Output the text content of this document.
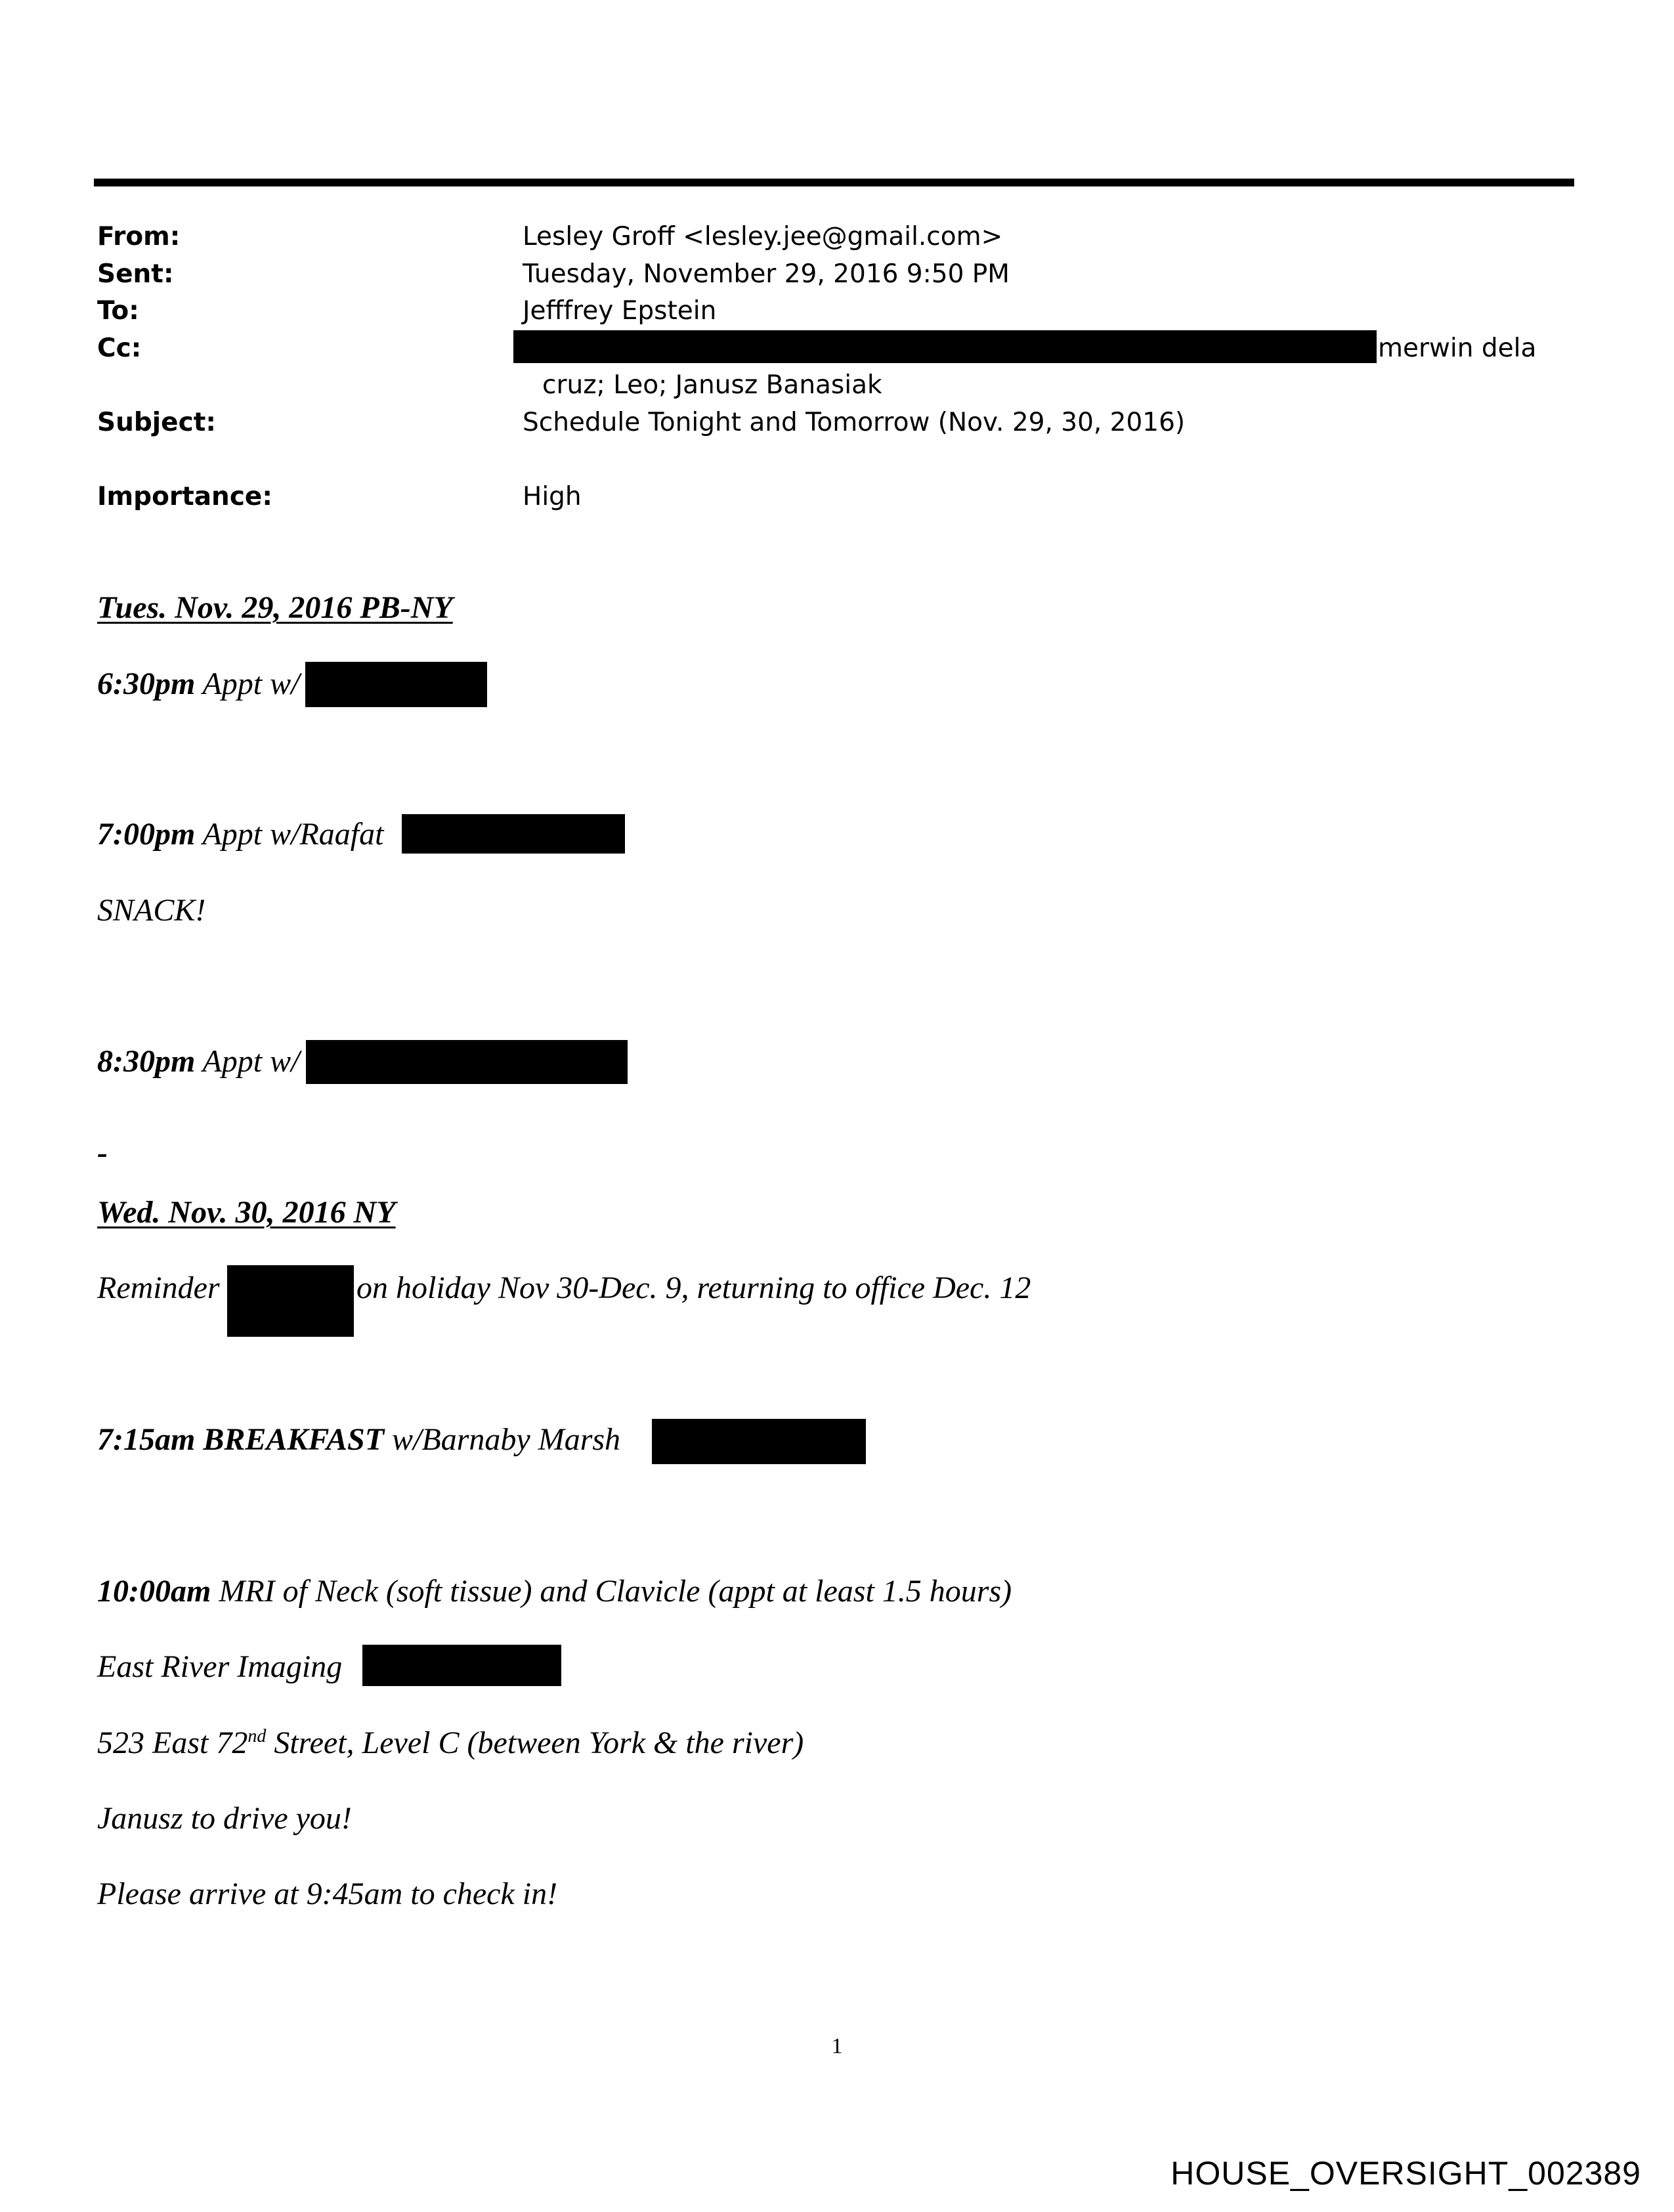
From:	Lesley Groff <lesley.jee@gmail.com>
Sent:	Tuesday, November 29, 2016 9:50 PM
To:	Jefffrey Epstein
Cc:	merwin dela
cruz; Leo; Janusz Banasiak
Subject:	Schedule Tonight and Tomorrow (Nov. 29, 30, 2016)
Importance:	High
Tues. Nov. 29, 2016 PB-NY
6:30pm Appt w/
7:00pm Appt w/Raafat
SNACK!
8:30pm Appt w/
-
Wed. Nov. 30, 2016 NY
Reminder	on holiday Nov 30-Dec. 9, returning to office Dec. 12
7:15am BREAKFAST w/Barnaby Marsh
10:00am MRI of Neck (soft tissue) and Clavicle (appt at least 1.5 hours)
East River Imaging
523 East 72nd Street, Level C (between York & the river)
Janusz to drive you!
Please arrive at 9:45am to check in!
1
HOUSE_OVERSIGHT_002389
